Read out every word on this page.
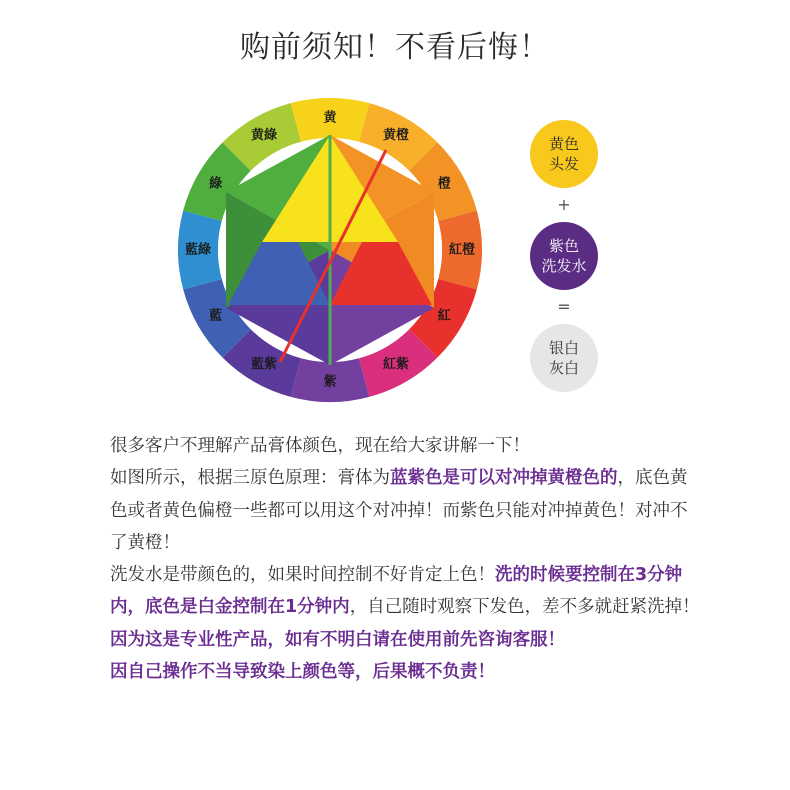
购前须知！不看后悔！
黄
黄橙
橙
紅橙
紅
紅紫
紫
藍紫
藍
藍綠
綠
黄綠	黄色
头发
+
紫色
洗发水
=
银白
灰白

很多客户不理解产品膏体颜色，现在给大家讲解一下！

如图所示，根据三原色原理：膏体为蓝紫色是可以对冲掉黄橙色的，底色黄色或者黄色偏橙一些都可以用这个对冲掉！而紫色只能对冲掉黄色！对冲不了黄橙！

洗发水是带颜色的，如果时间控制不好肯定上色！洗的时候要控制在3分钟内，底色是白金控制在1分钟内，自己随时观察下发色，差不多就赶紧洗掉！

因为这是专业性产品，如有不明白请在使用前先咨询客服！

因自己操作不当导致染上颜色等，后果概不负责！
